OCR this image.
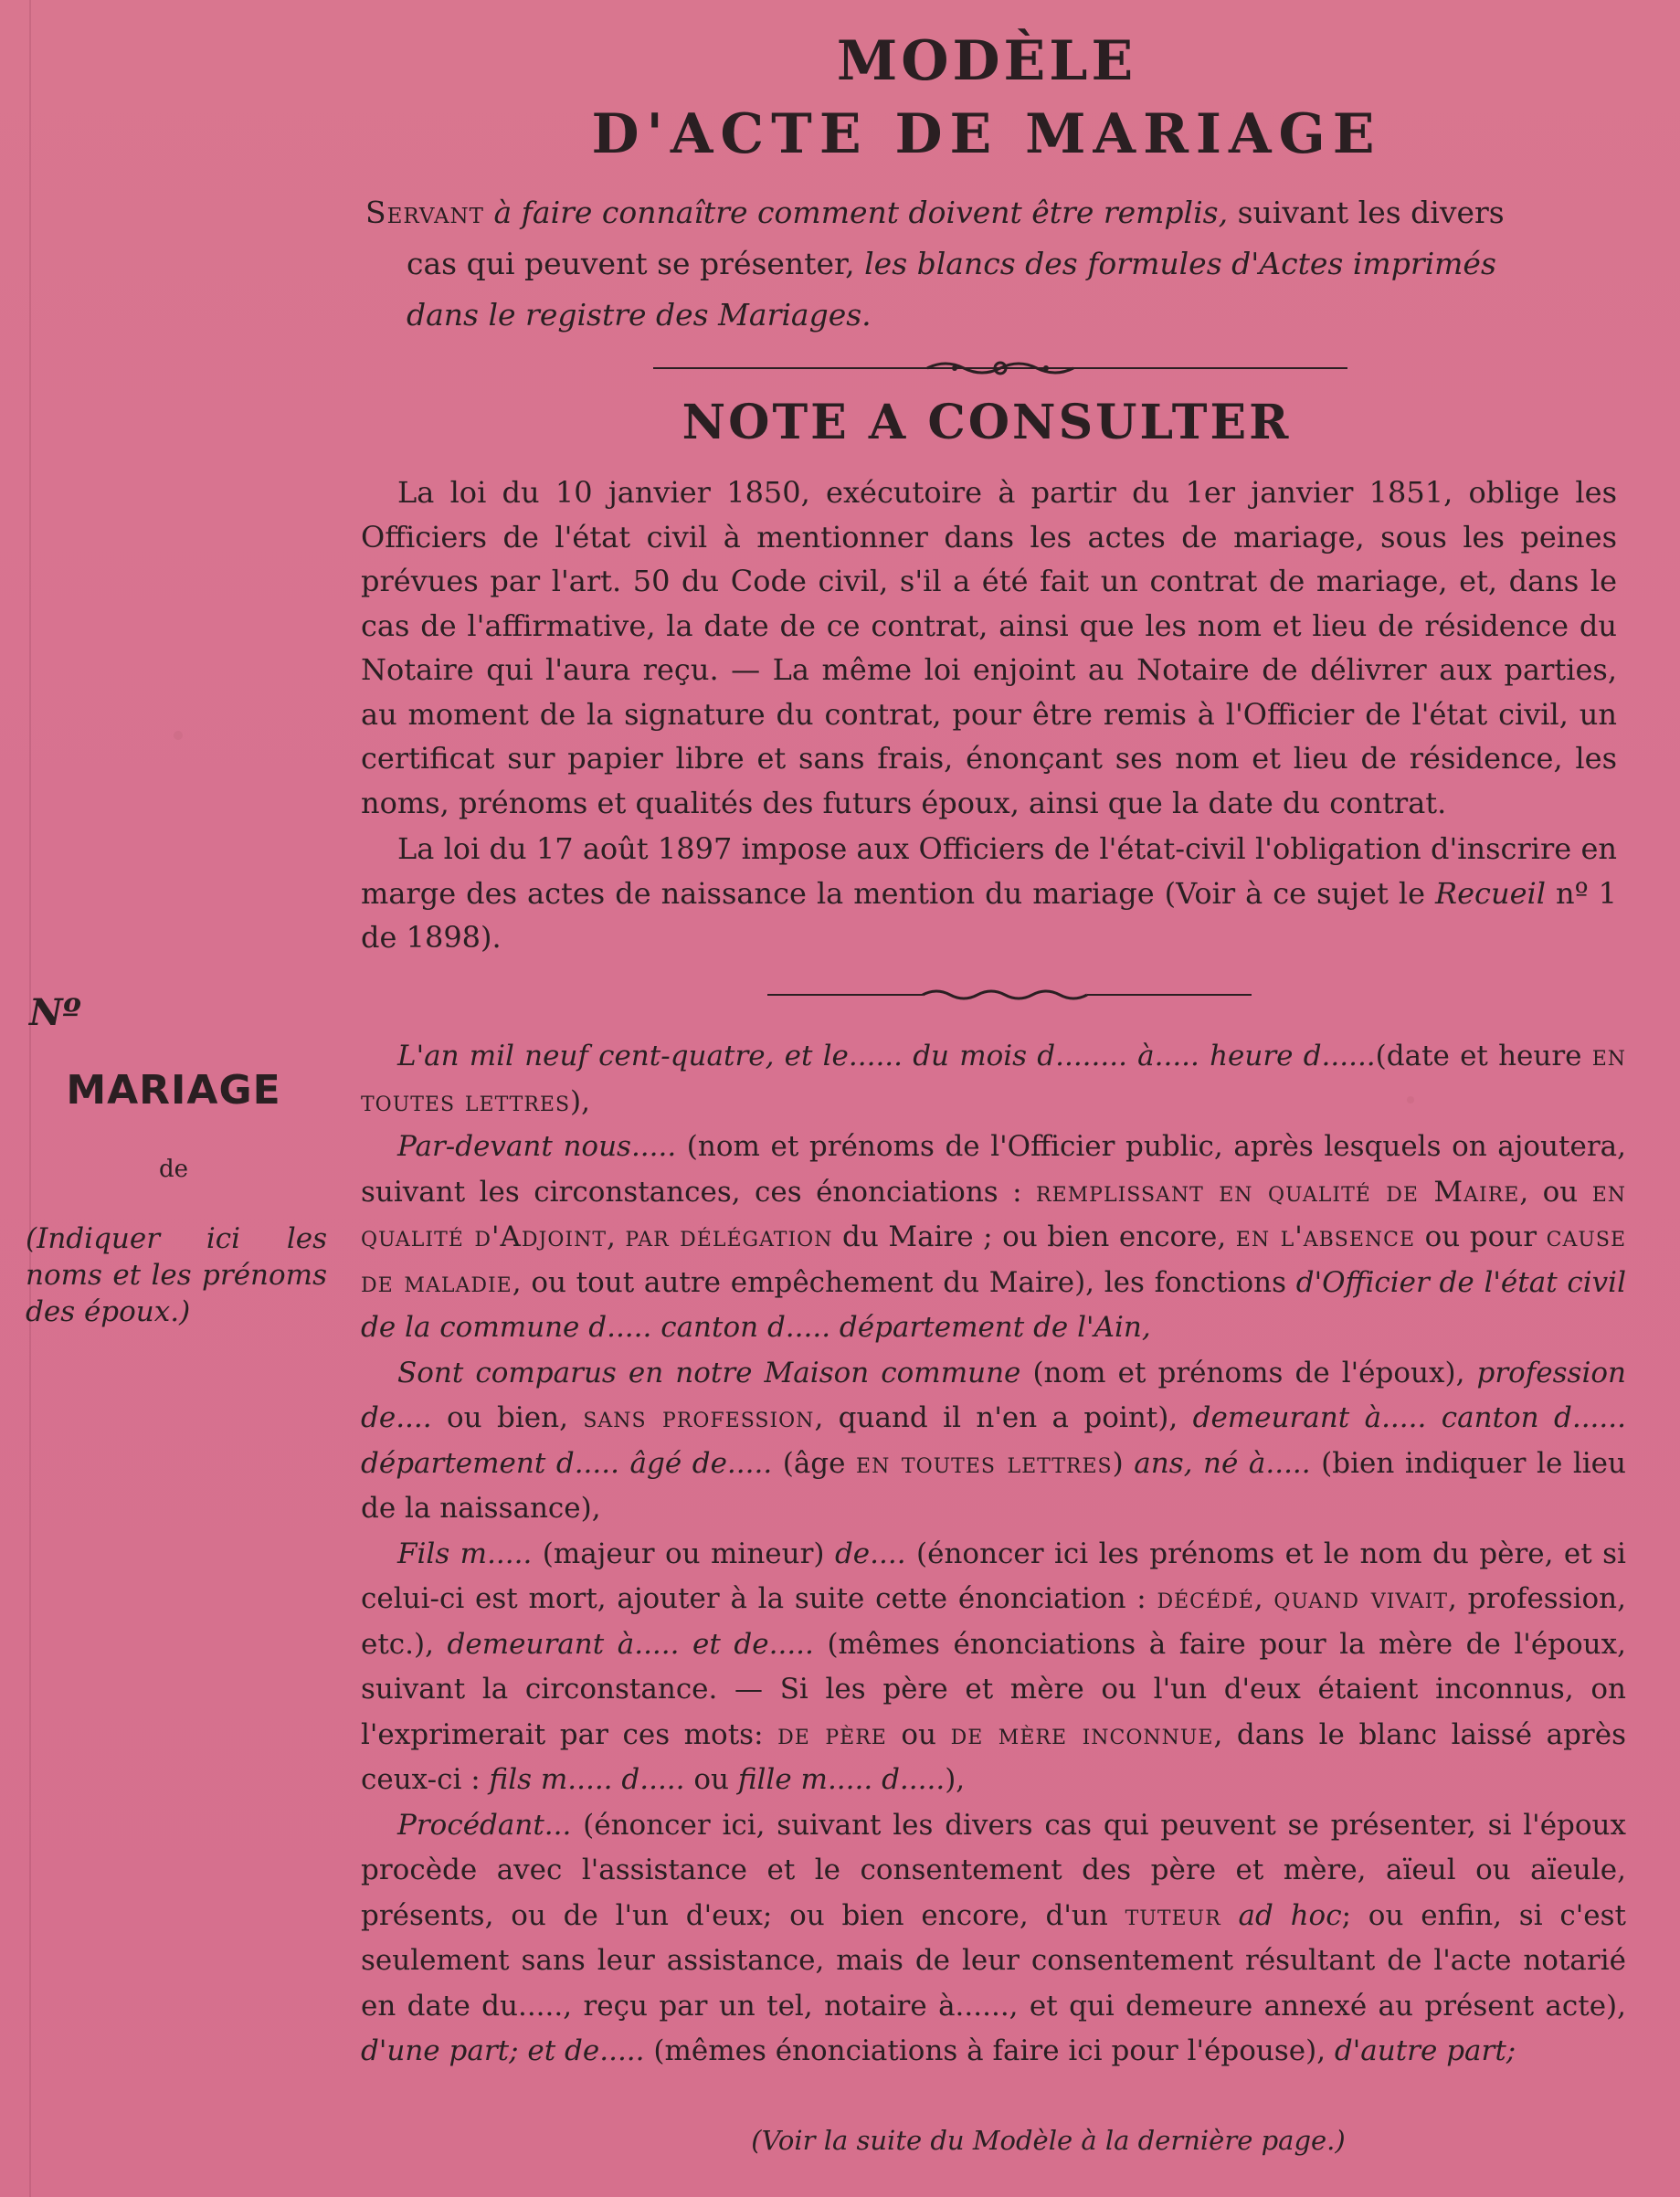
MODÈLE
D'ACTE DE MARIAGE
Servant à faire connaître comment doivent être remplis, suivant les divers
cas qui peuvent se présenter, les blancs des formules d'Actes imprimés
dans le registre des Mariages.
NOTE A CONSULTER

La loi du 10 janvier 1850, exécutoire à partir du 1er janvier 1851, oblige les Officiers de l'état civil à mentionner dans les actes de mariage, sous les peines prévues par l'art. 50 du Code civil, s'il a été fait un contrat de mariage, et, dans le cas de l'affirmative, la date de ce contrat, ainsi que les nom et lieu de résidence du Notaire qui l'aura reçu. — La même loi enjoint au Notaire de délivrer aux parties, au moment de la signature du contrat, pour être remis à l'Officier de l'état civil, un certificat sur papier libre et sans frais, énonçant ses nom et lieu de résidence, les noms, prénoms et qualités des futurs époux, ainsi que la date du contrat.

La loi du 17 août 1897 impose aux Officiers de l'état-civil l'obligation d'inscrire en marge des actes de naissance la mention du mariage (Voir à ce sujet le Recueil nº 1 de 1898).

Nº
MARIAGE
de
(Indiquer ici les noms et les prénoms des époux.)

L'an mil neuf cent-quatre, et le...... du mois d........ à..... heure d......(date et heure en toutes lettres),

Par-devant nous..... (nom et prénoms de l'Officier public, après lesquels on ajoutera, suivant les circonstances, ces énonciations : remplissant en qualité de Maire, ou en qualité d'Adjoint, par délégation du Maire ; ou bien encore, en l'absence ou pour cause de maladie, ou tout autre empêchement du Maire), les fonctions d'Officier de l'état civil de la commune d..... canton d..... département de l'Ain,

Sont comparus en notre Maison commune (nom et prénoms de l'époux), profession de.... ou bien, sans profession, quand il n'en a point), demeurant à..... canton d...... département d..... âgé de..... (âge en toutes lettres) ans, né à..... (bien indiquer le lieu de la naissance),

Fils m..... (majeur ou mineur) de.... (énoncer ici les prénoms et le nom du père, et si celui-ci est mort, ajouter à la suite cette énonciation : décédé, quand vivait, profession, etc.), demeurant à..... et de..... (mêmes énonciations à faire pour la mère de l'époux, suivant la circonstance. — Si les père et mère ou l'un d'eux étaient inconnus, on l'exprimerait par ces mots: de père ou de mère inconnue, dans le blanc laissé après ceux-ci : fils m..... d..... ou fille m..... d.....),

Procédant... (énoncer ici, suivant les divers cas qui peuvent se présenter, si l'époux procède avec l'assistance et le consentement des père et mère, aïeul ou aïeule, présents, ou de l'un d'eux; ou bien encore, d'un tuteur ad hoc; ou enfin, si c'est seulement sans leur assistance, mais de leur consentement résultant de l'acte notarié en date du....., reçu par un tel, notaire à......, et qui demeure annexé au présent acte), d'une part; et de..... (mêmes énonciations à faire ici pour l'épouse), d'autre part;

(Voir la suite du Modèle à la dernière page.)
